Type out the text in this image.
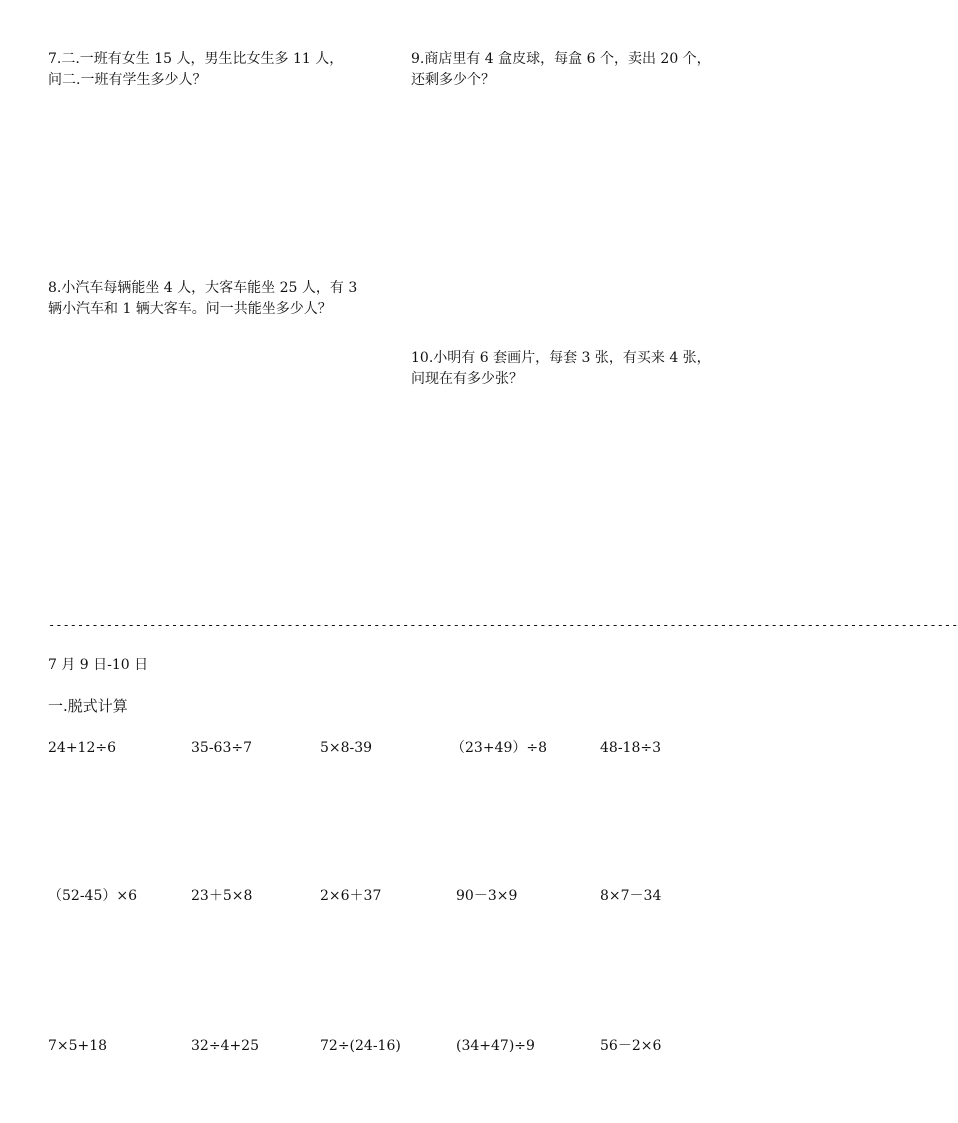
7.二.一班有女生 15 人，男生比女生多 11 人，
问二.一班有学生多少人？
9.商店里有 4 盒皮球，每盒 6 个，卖出 20 个，
还剩多少个？
8.小汽车每辆能坐 4 人，大客车能坐 25 人，有 3
辆小汽车和 1 辆大客车。问一共能坐多少人？
10.小明有 6 套画片，每套 3 张，有买来 4 张，
问现在有多少张？
------------------------------------------------------------------------------------------------------------------------------
7 月 9 日-10 日
一.脱式计算
24+12÷6	35-63÷7	5×8-39	（23+49）÷8	48-18÷3
（52-45）×6	23＋5×8	2×6＋37	90－3×9	8×7－34
7×5+18	32÷4+25	72÷(24-16)	(34+47)÷9	56－2×6
